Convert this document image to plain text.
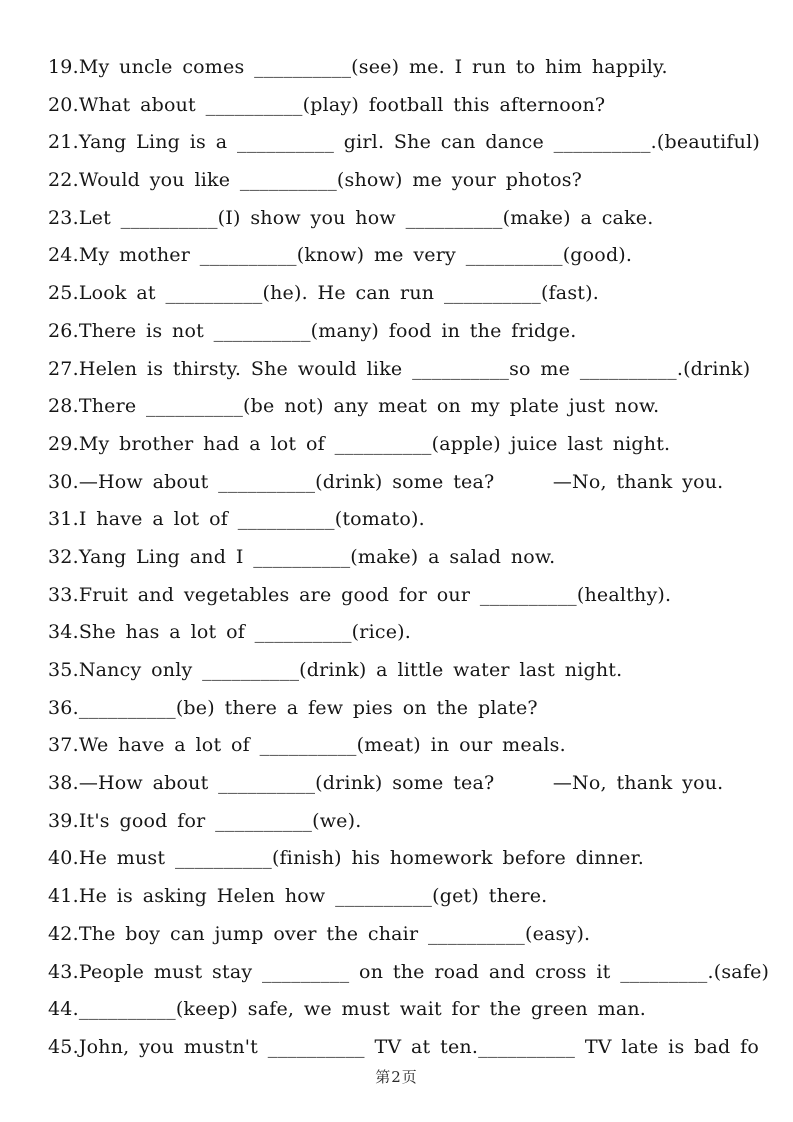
19.My uncle comes __________(see) me. I run to him happily.
20.What about __________(play) football this afternoon?
21.Yang Ling is a __________ girl. She can dance __________.(beautiful)
22.Would you like __________(show) me your photos?
23.Let __________(I) show you how __________(make) a cake.
24.My mother __________(know) me very __________(good).
25.Look at __________(he). He can run __________(fast).
26.There is not __________(many) food in the fridge.
27.Helen is thirsty. She would like __________so me __________.(drink)
28.There __________(be not) any meat on my plate just now.
29.My brother had a lot of __________(apple) juice last night.
30.—How about __________(drink) some tea?      —No, thank you.
31.I have a lot of __________(tomato).
32.Yang Ling and I __________(make) a salad now.
33.Fruit and vegetables are good for our __________(healthy).
34.She has a lot of __________(rice).
35.Nancy only __________(drink) a little water last night.
36.__________(be) there a few pies on the plate?
37.We have a lot of __________(meat) in our meals.
38.—How about __________(drink) some tea?      —No, thank you.
39.It's good for __________(we).
40.He must __________(finish) his homework before dinner.
41.He is asking Helen how __________(get) there.
42.The boy can jump over the chair __________(easy).
43.People must stay _________ on the road and cross it _________.(safe)
44.__________(keep) safe, we must wait for the green man.
45.John, you mustn't __________ TV at ten.__________ TV late is bad fo
第2页
